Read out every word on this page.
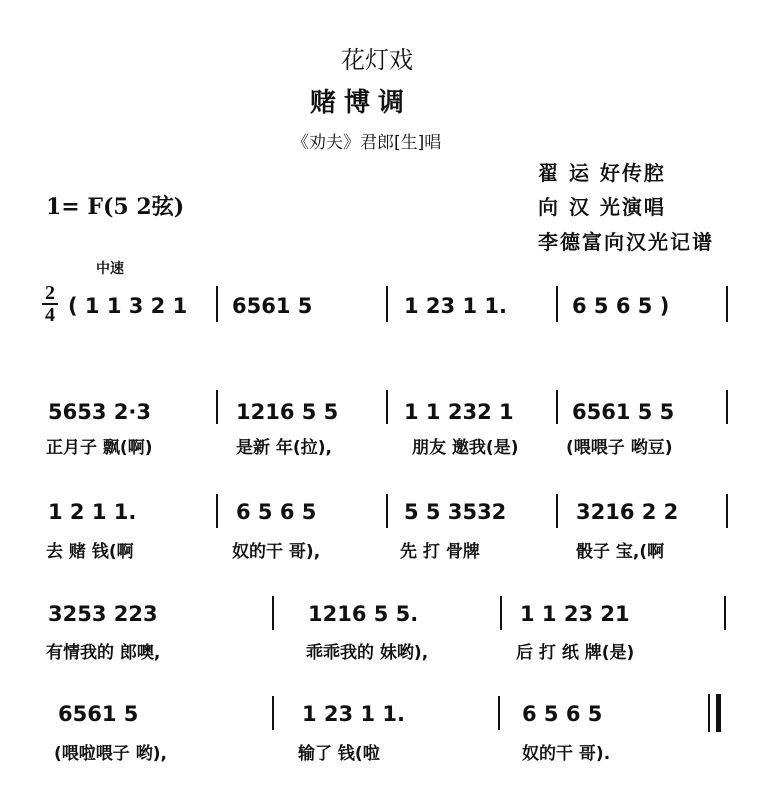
花灯戏
赌博调
《劝夫》君郎[生]唱
翟 运 好传腔
向 汉 光演唱
李德富向汉光记谱
1= F(5 2弦)
中速
2
4 ( 1 1 3 2 1 6561 5	1 23 1 1.	6 5 6 5 )
5653 2·3
正月子 飘(啊)
1216 5 5
是新 年(拉),
1 1 232 1
朋友 邀我(是)
6561 5 5
(喂喂子 哟豆)
1 2 1 1.
去 赌 钱(啊
6 5 6 5
奴的干 哥),
5 5 3532
先 打 骨牌
3216 2 2
骰子 宝,(啊
3253 223
有情我的 郎噢,
1216 5 5.
乖乖我的 妹哟),
1 1 23 21
后 打 纸 牌(是)
6561 5
(喂啦喂子 哟),
1 23 1 1.
输了 钱(啦
6 5 6 5
奴的干 哥).
